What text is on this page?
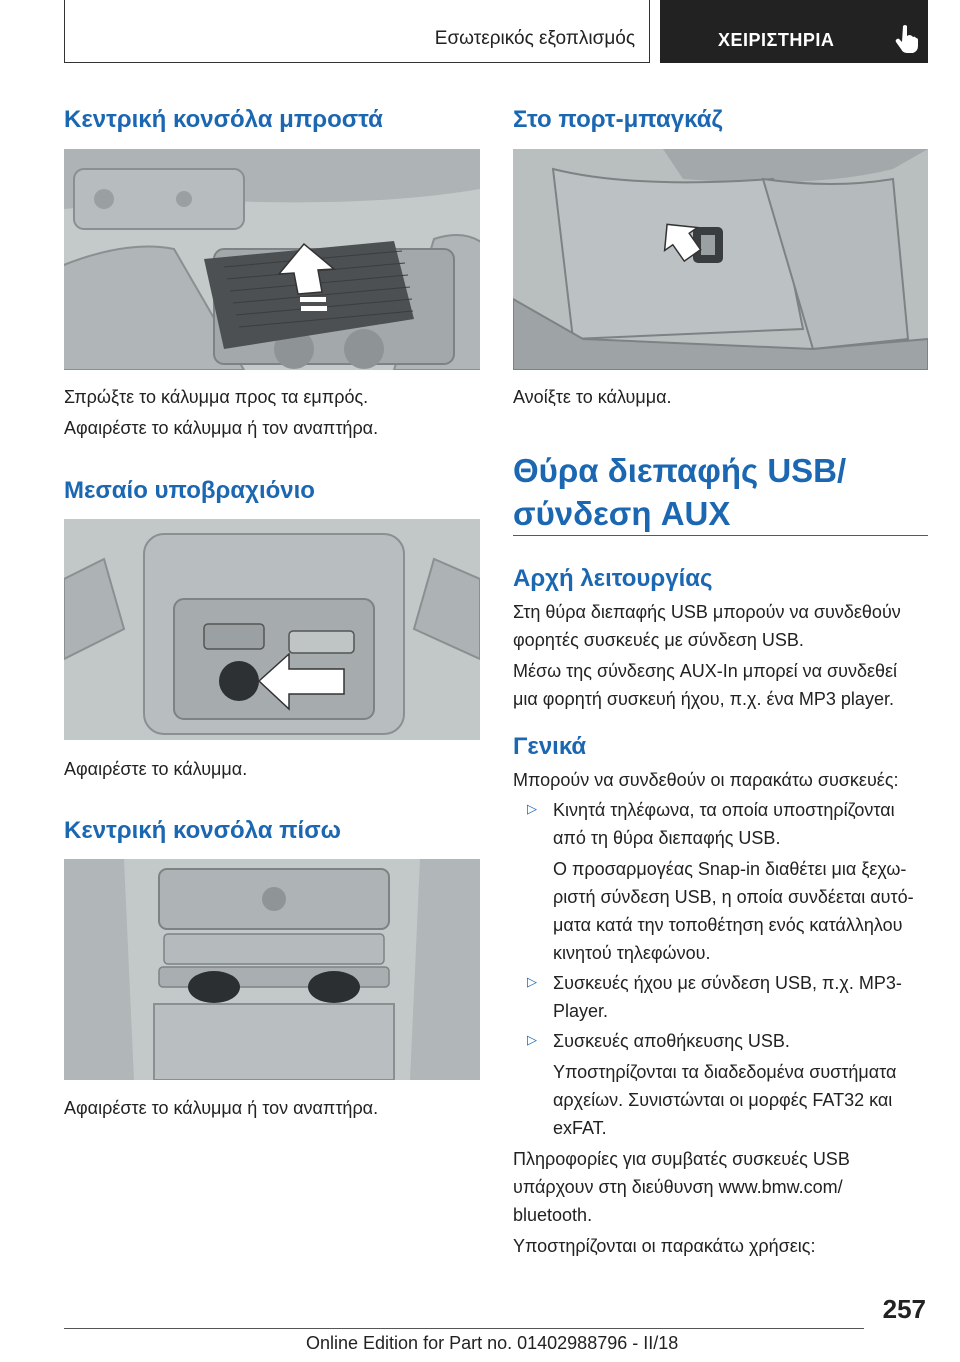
Εσωτερικός εξοπλισμός	ΧΕΙΡΙΣΤΗΡΙΑ
Κεντρική κονσόλα μπροστά
Σπρώξτε το κάλυμμα προς τα εμπρός.
Αφαιρέστε το κάλυμμα ή τον αναπτήρα.
Μεσαίο υποβραχιόνιο
Αφαιρέστε το κάλυμμα.
Κεντρική κονσόλα πίσω
Αφαιρέστε το κάλυμμα ή τον αναπτήρα.
Στο πορτ-μπαγκάζ
Ανοίξτε το κάλυμμα.
Θύρα διεπαφής USB/
σύνδεση AUX
Αρχή λειτουργίας
Στη θύρα διεπαφής USB μπορούν να συνδεθούν
φορητές συσκευές με σύνδεση USB.
Μέσω της σύνδεσης AUX-In μπορεί να συνδεθεί
μια φορητή συσκευή ήχου, π.χ. ένα MP3 player.
Γενικά
Μπορούν να συνδεθούν οι παρακάτω συσκευές:
▷ Κινητά τηλέφωνα, τα οποία υποστηρίζονται
από τη θύρα διεπαφής USB.
Ο προσαρμογέας Snap-in διαθέτει μια ξεχω-
ριστή σύνδεση USB, η οποία συνδέεται αυτό-
ματα κατά την τοποθέτηση ενός κατάλληλου
κινητού τηλεφώνου.
▷ Συσκευές ήχου με σύνδεση USB, π.χ. MP3-
Player.
▷ Συσκευές αποθήκευσης USB.
Υποστηρίζονται τα διαδεδομένα συστήματα
αρχείων. Συνιστώνται οι μορφές FAT32 και
exFAT.
Πληροφορίες για συμβατές συσκευές USB
υπάρχουν στη διεύθυνση www.bmw.com/
bluetooth.
Υποστηρίζονται οι παρακάτω χρήσεις:
257
Online Edition for Part no. 01402988796 - II/18
